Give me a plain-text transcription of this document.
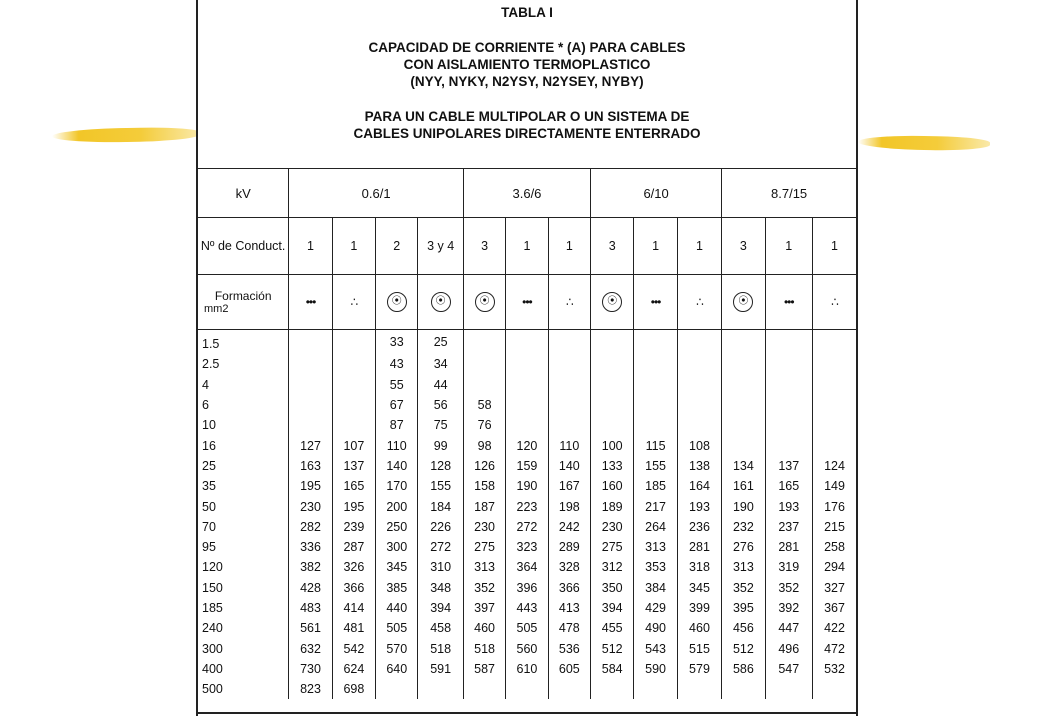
TABLA I
CAPACIDAD DE CORRIENTE * (A) PARA CABLES
CON AISLAMIENTO TERMOPLASTICO
(NYY, NYKY, N2YSY, N2YSEY, NYBY)
PARA UN CABLE MULTIPOLAR O UN SISTEMA DE
CABLES UNIPOLARES DIRECTAMENTE ENTERRADO
kV	0.6/1				3.6/6			6/10			8.7/15		
Nº de Conduct.	1	1	2	3 y 4	3	1	1	3	1	1	3	1	1

Formación
mm2	•••	∴	⦿	⦿	⦿	•••	∴	⦿	•••	∴	⦿	•••	∴
1.5			33	25									
2.5			43	34									
4			55	44									
6			67	56	58								
10			87	75	76								
16	127	107	110	99	98	120	110	100	115	108			
25	163	137	140	128	126	159	140	133	155	138	134	137	124
35	195	165	170	155	158	190	167	160	185	164	161	165	149
50	230	195	200	184	187	223	198	189	217	193	190	193	176
70	282	239	250	226	230	272	242	230	264	236	232	237	215
95	336	287	300	272	275	323	289	275	313	281	276	281	258
120	382	326	345	310	313	364	328	312	353	318	313	319	294
150	428	366	385	348	352	396	366	350	384	345	352	352	327
185	483	414	440	394	397	443	413	394	429	399	395	392	367
240	561	481	505	458	460	505	478	455	490	460	456	447	422
300	632	542	570	518	518	560	536	512	543	515	512	496	472
400	730	624	640	591	587	610	605	584	590	579	586	547	532
500	823	698											
